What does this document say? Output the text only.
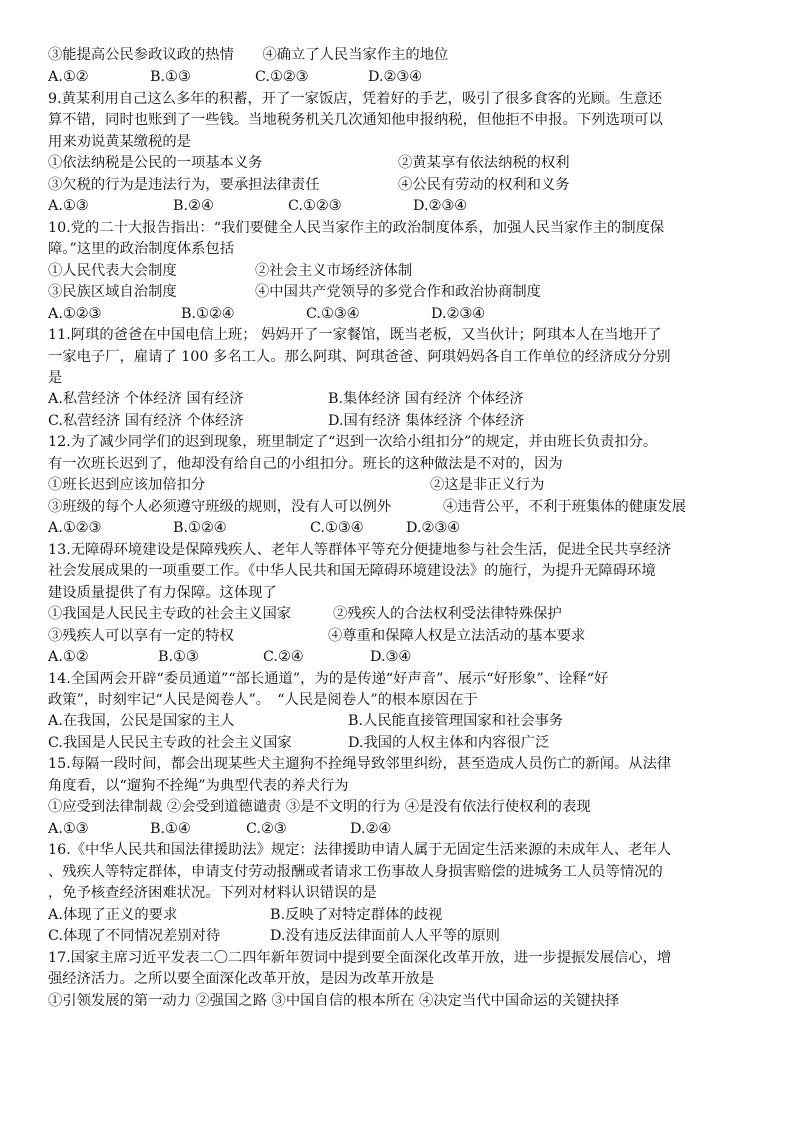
③能提高公民参政议政的热情　　④确立了人民当家作主的地位
A.①②	B.①③	C.①②③	D.②③④
9.黄某利用自己这么多年的积蓄，开了一家饭店，凭着好的手艺，吸引了很多食客的光顾。生意还
算不错，同时也账到了一些钱。当地税务机关几次通知他申报纳税，但他拒不申报。下列选项可以
用来劝说黄某缴税的是
①依法纳税是公民的一项基本义务	②黄某享有依法纳税的权利
③欠税的行为是违法行为，要承担法律责任	④公民有劳动的权利和义务
A.①③	B.②④	C.①②③	D.②③④
10.党的二十大报告指出：“我们要健全人民当家作主的政治制度体系，加强人民当家作主的制度保
障。”这里的政治制度体系包括
①人民代表大会制度	②社会主义市场经济体制
③民族区域自治制度	④中国共产党领导的多党合作和政治协商制度
A.①②③	B.①②④	C.①③④	D.②③④
11.阿琪的爸爸在中国电信上班； 妈妈开了一家餐馆，既当老板，又当伙计；阿琪本人在当地开了
一家电子厂，雇请了 100 多名工人。那么阿琪、阿琪爸爸、阿琪妈妈各自工作单位的经济成分分别
是
A.私营经济 个体经济 国有经济	B.集体经济 国有经济 个体经济
C.私营经济 国有经济 个体经济	D.国有经济 集体经济 个体经济
12.为了减少同学们的迟到现象，班里制定了“迟到一次给小组扣分”的规定，并由班长负责扣分。
有一次班长迟到了，他却没有给自己的小组扣分。班长的这种做法是不对的，因为
①班长迟到应该加倍扣分	②这是非正义行为
③班级的每个人必须遵守班级的规则，没有人可以例外	④违背公平，不利于班集体的健康发展
A.①②③	B.①②④	C.①③④	D.②③④
13.无障碍环境建设是保障残疾人、老年人等群体平等充分便捷地参与社会生活，促进全民共享经济
社会发展成果的一项重要工作。《中华人民共和国无障碍环境建设法》的施行，为提升无障碍环境
建设质量提供了有力保障。这体现了
①我国是人民民主专政的社会主义国家	②残疾人的合法权利受法律特殊保护
③残疾人可以享有一定的特权	④尊重和保障人权是立法活动的基本要求
A.①②	B.①③	C.②④	D.③④
14.全国两会开辟“委员通道”“部长通道”，为的是传递“好声音”、展示“好形象”、诠释“好
政策”，时刻牢记“人民是阅卷人”。　“人民是阅卷人”的根本原因在于
A.在我国，公民是国家的主人	B.人民能直接管理国家和社会事务
C.我国是人民民主专政的社会主义国家	D.我国的人权主体和内容很广泛
15.每隔一段时间，都会出现某些犬主遛狗不拴绳导致邻里纠纷，甚至造成人员伤亡的新闻。从法律
角度看，以“遛狗不拴绳”为典型代表的养犬行为
①应受到法律制裁 ②会受到道德谴责 ③是不文明的行为 ④是没有依法行使权利的表现
A.①③	B.①④	C.②③	D.②④
16.《中华人民共和国法律援助法》规定：法律援助申请人属于无固定生活来源的未成年人、老年人
、残疾人等特定群体，申请支付劳动报酬或者请求工伤事故人身损害赔偿的进城务工人员等情况的
，免予核查经济困难状况。下列对材料认识错误的是
A.体现了正义的要求	B.反映了对特定群体的歧视
C.体现了不同情况差别对待	D.没有违反法律面前人人平等的原则
17.国家主席习近平发表二〇二四年新年贺词中提到要全面深化改革开放，进一步提振发展信心，增
强经济活力。之所以要全面深化改革开放，是因为改革开放是
①引领发展的第一动力 ②强国之路 ③中国自信的根本所在 ④决定当代中国命运的关键抉择
